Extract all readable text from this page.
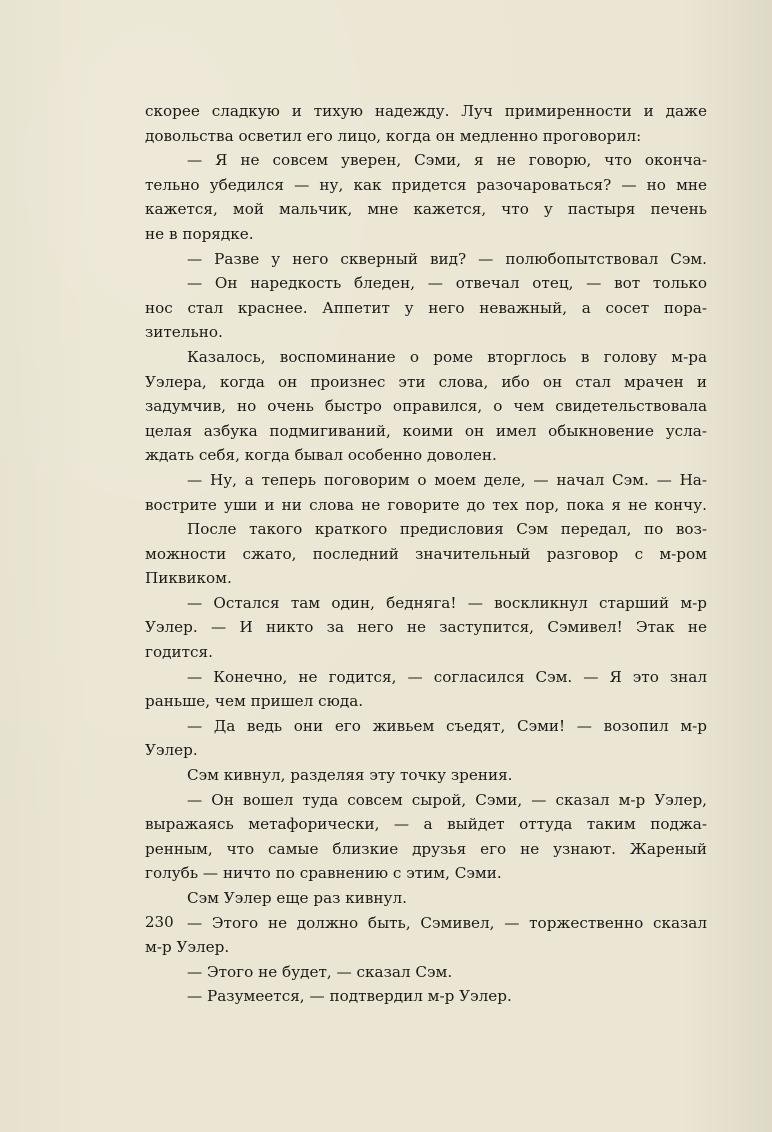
скорее сладкую и тихую надежду. Луч примиренности и даже
довольства осветил его лицо, когда он медленно проговорил:
— Я не совсем уверен, Сэми, я не говорю, что оконча-
тельно убедился — ну, как придется разочароваться? — но мне
кажется, мой мальчик, мне кажется, что у пастыря печень
не в порядке.
— Разве у него скверный вид? — полюбопытствовал Сэм.
— Он наредкость бледен, — отвечал отец, — вот только
нос стал краснее. Аппетит у него неважный, а сосет пора-
зительно.
Казалось, воспоминание о роме вторглось в голову м-ра
Уэлера, когда он произнес эти слова, ибо он стал мрачен и
задумчив, но очень быстро оправился, о чем свидетельствовала
целая азбука подмигиваний, коими он имел обыкновение усла-
ждать себя, когда бывал особенно доволен.
— Ну, а теперь поговорим о моем деле, — начал Сэм. — На-
вострите уши и ни слова не говорите до тех пор, пока я не кончу.
После такого краткого предисловия Сэм передал, по воз-
можности сжато, последний значительный разговор с м-ром
Пиквиком.
— Остался там один, бедняга! — воскликнул старший м-р
Уэлер. — И никто за него не заступится, Сэмивел! Этак не
годится.
— Конечно, не годится, — согласился Сэм. — Я это знал
раньше, чем пришел сюда.
— Да ведь они его живьем съедят, Сэми! — возопил м-р
Уэлер.
Сэм кивнул, разделяя эту точку зрения.
— Он вошел туда совсем сырой, Сэми, — сказал м-р Уэлер,
выражаясь метафорически, — а выйдет оттуда таким поджа-
ренным, что самые близкие друзья его не узнают. Жареный
голубь — ничто по сравнению с этим, Сэми.
Сэм Уэлер еще раз кивнул.
— Этого не должно быть, Сэмивел, — торжественно сказал
м-р Уэлер.
— Этого не будет, — сказал Сэм.
— Разумеется, — подтвердил м-р Уэлер.
230
